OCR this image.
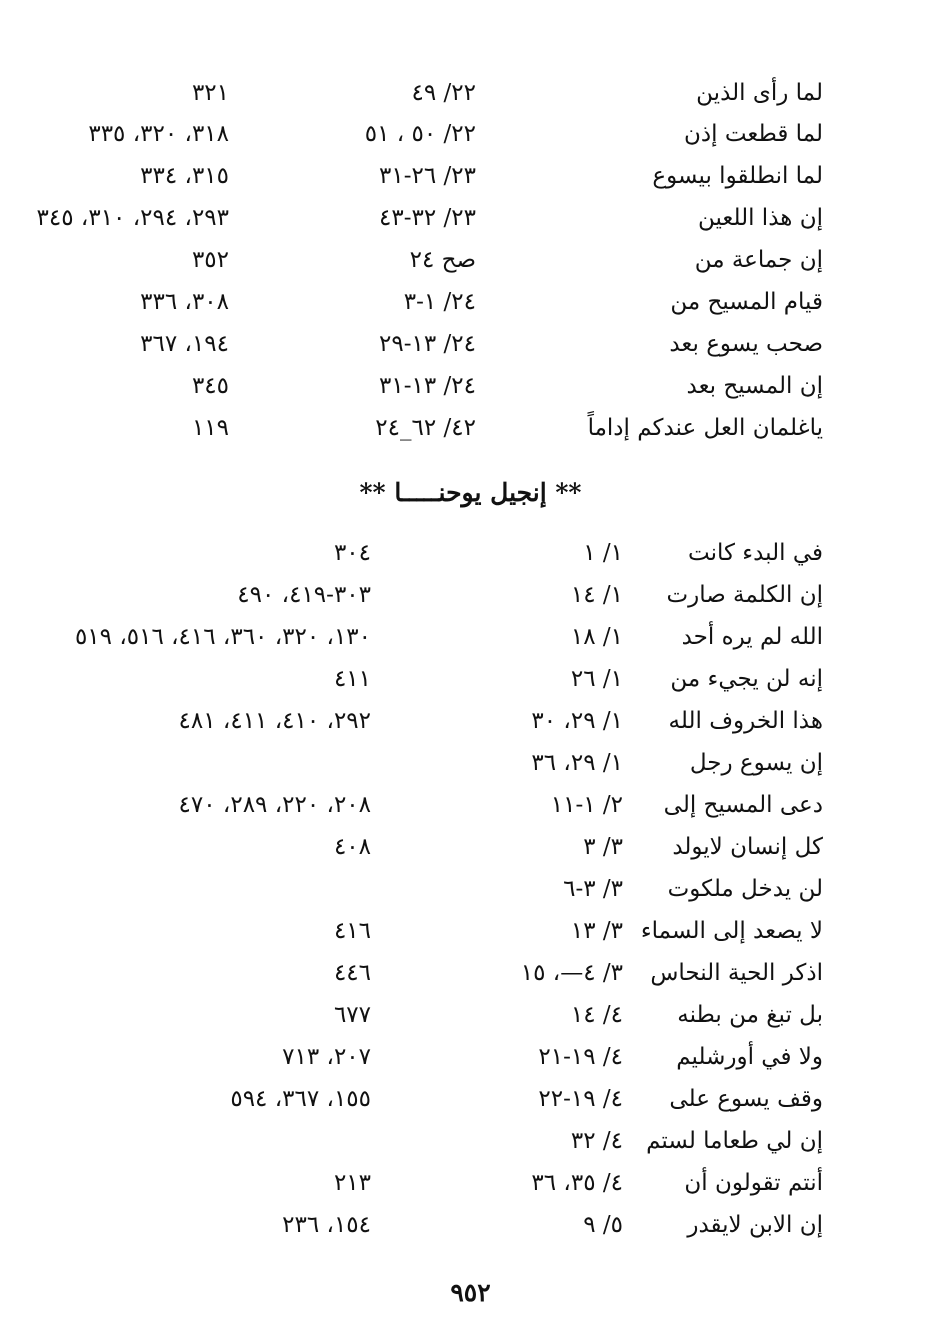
لما رأى الذين
٢٢/ ٤٩
٣٢١
لما قطعت إذن
٢٢/ ٥٠ ، ٥١
٣١٨، ٣٢٠، ٣٣٥
لما انطلقوا بيسوع
٢٣/ ٢٦-٣١
٣١٥، ٣٣٤
إن هذا اللعين
٢٣/ ٣٢-٤٣
٢٩٣، ٢٩٤، ٣١٠، ٣٤٥
إن جماعة من
صح ٢٤
٣٥٢
قيام المسيح من
٢٤/ ١-٣
٣٠٨، ٣٣٦
صحب يسوع بعد
٢٤/ ١٣-٢٩
١٩٤، ٣٦٧
إن المسيح بعد
٢٤/ ١٣-٣١
٣٤٥
ياغلمان العل عندكم إداماً
٤٢/ ٦٢_٢٤
١١٩
** إنجيل يوحنـــــا **
في البدء كانت
١/ ١
٣٠٤
إن الكلمة صارت
١/ ١٤
٣٠٣-٤١٩، ٤٩٠
الله لم يره أحد
١/ ١٨
١٣٠، ٣٢٠، ٣٦٠، ٤١٦، ٥١٦، ٥١٩
إنه لن يجيء من
١/ ٢٦
٤١١
هذا الخروف الله
١/ ٢٩، ٣٠
٢٩٢، ٤١٠، ٤١١، ٤٨١
إن يسوع رجل
١/ ٢٩، ٣٦
دعى المسيح إلى
٢/ ١-١١
٢٠٨، ٢٢٠، ٢٨٩، ٤٧٠
كل إنسان لايولد
٣/ ٣
٤٠٨
لن يدخل ملكوت
٣/ ٣-٦
لا يصعد إلى السماء
٣/ ١٣
٤١٦
اذكر الحية النحاس
٣/ ٤—، ١٥
٤٤٦
بل تبغ من بطنه
٤/ ١٤
٦٧٧
ولا في أورشليم
٤/ ١٩-٢١
٢٠٧، ٧١٣
وقف يسوع على
٤/ ١٩-٢٢
١٥٥، ٣٦٧، ٥٩٤
إن لي طعاما لستم
٤/ ٣٢
أنتم تقولون أن
٤/ ٣٥، ٣٦
٢١٣
إن الابن لايقدر
٥/ ٩
١٥٤، ٢٣٦
٩٥٢
